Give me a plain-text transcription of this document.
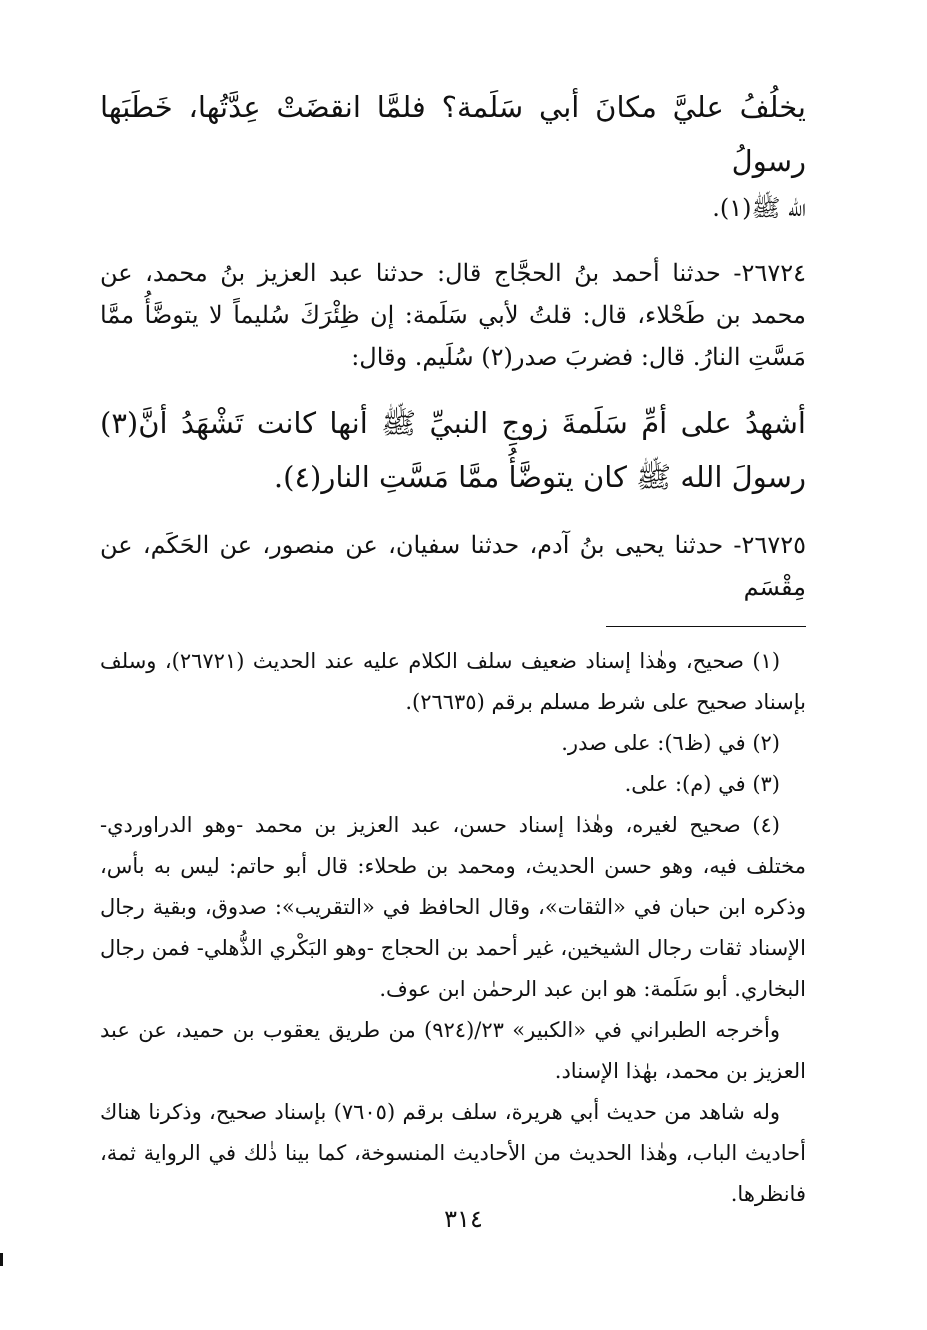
يخلُفُ عليَّ مكانَ أبي سَلَمة؟ فلمَّا انقضَتْ عِدَّتُها، خَطَبَها رسولُ

الله ﷺ(١).

٢٦٧٢٤- حدثنا أحمد بنُ الحجَّاج قال: حدثنا عبد العزيز بنُ محمد، عن محمد بن طَحْلاء، قال: قلتُ لأبي سَلَمة: إن ظِئْرَكَ سُليماً لا يتوضَّأُ ممَّا مَسَّتِ النارُ. قال: فضربَ صدر(٢) سُلَيم. وقال:

أشهدُ على أمِّ سَلَمةَ زوجِ النبيِّ ﷺ أنها كانت تَشْهَدُ أنَّ(٣) رسولَ الله ﷺ كان يتوضَّأُ ممَّا مَسَّتِ النار(٤).

٢٦٧٢٥- حدثنا يحيى بنُ آدم، حدثنا سفيان، عن منصور، عن الحَكَم، عن مِقْسَم

(١) صحيح، وهٰذا إسناد ضعيف سلف الكلام عليه عند الحديث (٢٦٧٢١)، وسلف بإسناد صحيح على شرط مسلم برقم (٢٦٦٣٥).

(٢) في (ظ٦): على صدر.

(٣) في (م): على.

(٤) صحيح لغيره، وهٰذا إسناد حسن، عبد العزيز بن محمد -وهو الدراوردي- مختلف فيه، وهو حسن الحديث، ومحمد بن طحلاء: قال أبو حاتم: ليس به بأس، وذكره ابن حبان في «الثقات»، وقال الحافظ في «التقريب»: صدوق، وبقية رجال الإسناد ثقات رجال الشيخين، غير أحمد بن الحجاج -وهو البَكْري الذُّهلي- فمن رجال البخاري. أبو سَلَمة: هو ابن عبد الرحمٰن ابن عوف.

وأخرجه الطبراني في «الكبير» ٢٣/(٩٢٤) من طريق يعقوب بن حميد، عن عبد العزيز بن محمد، بهٰذا الإسناد.

وله شاهد من حديث أبي هريرة، سلف برقم (٧٦٠٥) بإسناد صحيح، وذكرنا هناك أحاديث الباب، وهٰذا الحديث من الأحاديث المنسوخة، كما بينا ذٰلك في الرواية ثمة، فانظرها.

٣١٤
